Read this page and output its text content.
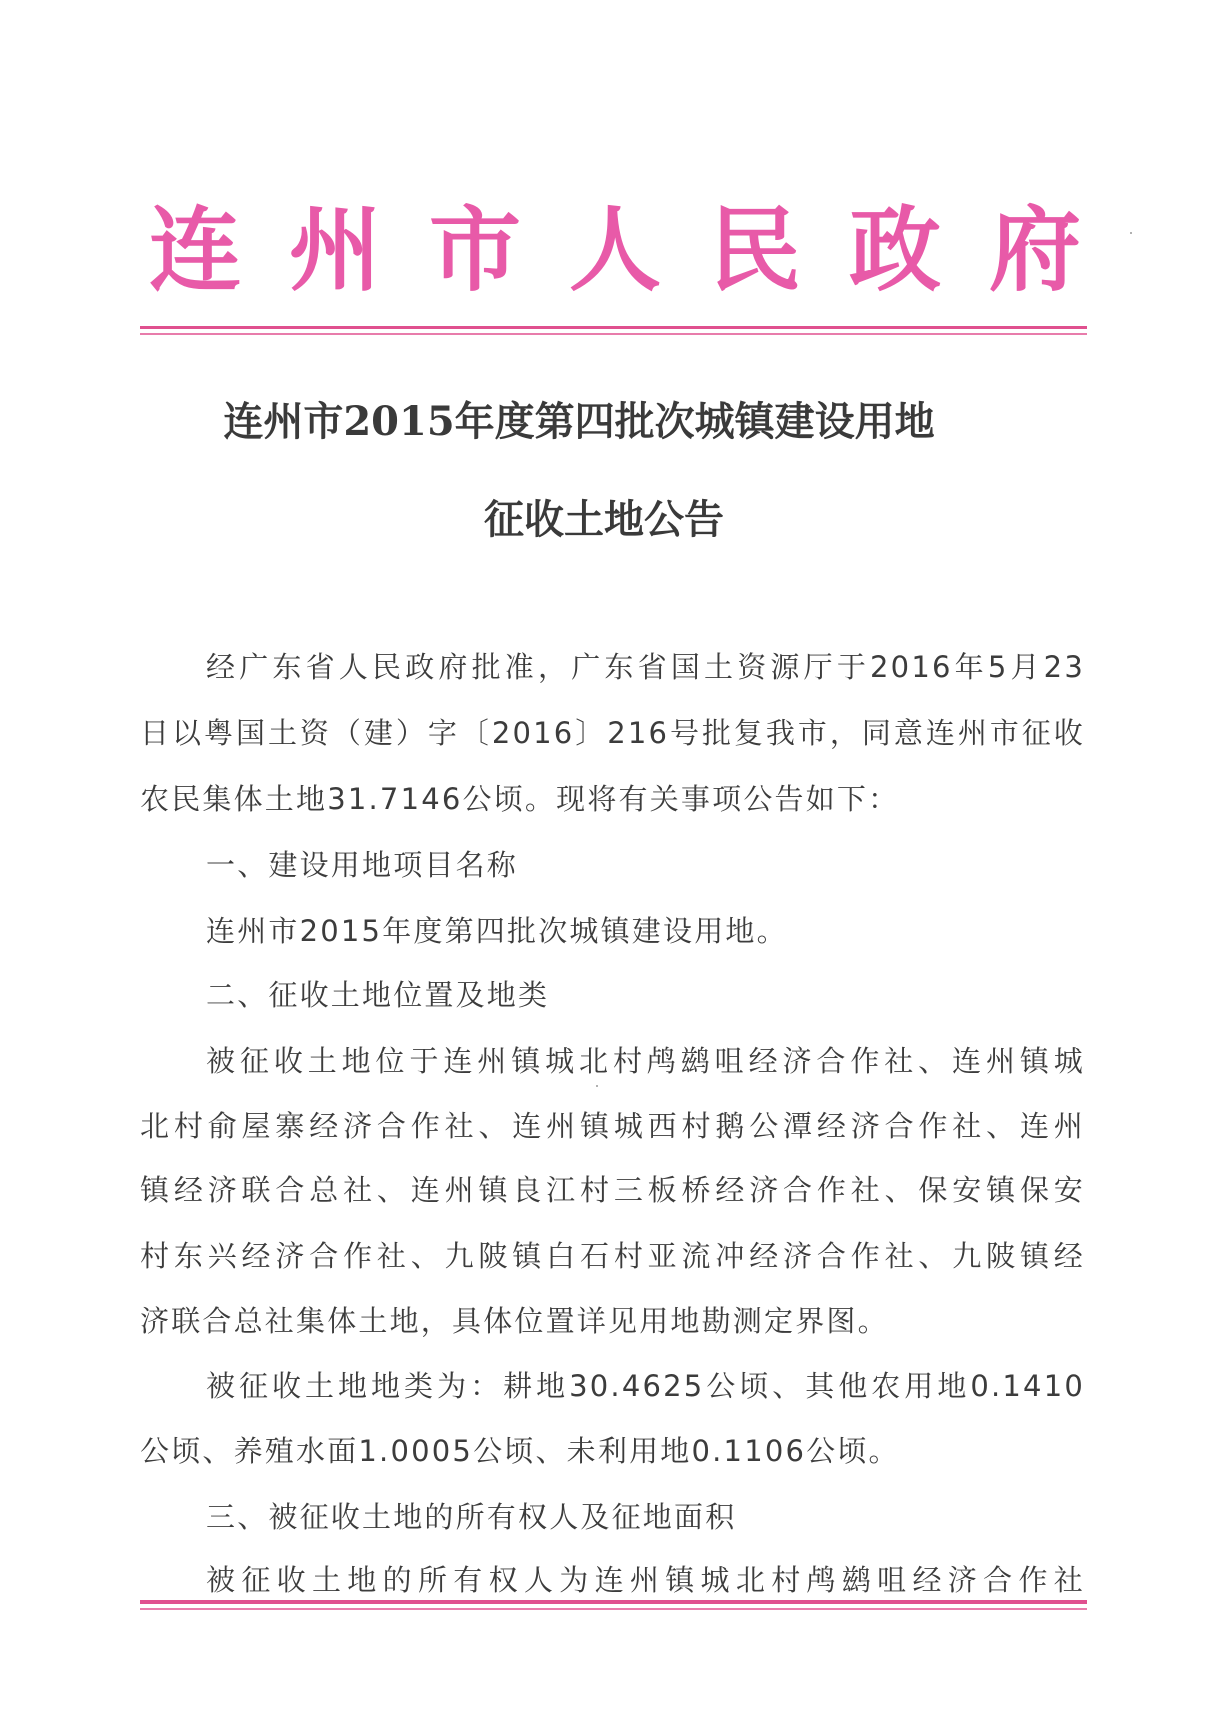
连 州 市 人 民 政 府
连州市2015年度第四批次城镇建设用地
征收土地公告
经广东省人民政府批准，广东省国土资源厅于2016年5月23
日以粤国土资（建）字〔2016〕216号批复我市，同意连州市征收
农民集体土地31.7146公顷。现将有关事项公告如下：
一、建设用地项目名称
连州市2015年度第四批次城镇建设用地。
二、征收土地位置及地类
被征收土地位于连州镇城北村鸬鹚咀经济合作社、连州镇城
北村俞屋寨经济合作社、连州镇城西村鹅公潭经济合作社、连州
镇经济联合总社、连州镇良江村三板桥经济合作社、保安镇保安
村东兴经济合作社、九陂镇白石村亚流冲经济合作社、九陂镇经
济联合总社集体土地，具体位置详见用地勘测定界图。
被征收土地地类为：耕地30.4625公顷、其他农用地0.1410
公顷、养殖水面1.0005公顷、未利用地0.1106公顷。
三、被征收土地的所有权人及征地面积
被征收土地的所有权人为连州镇城北村鸬鹚咀经济合作社
